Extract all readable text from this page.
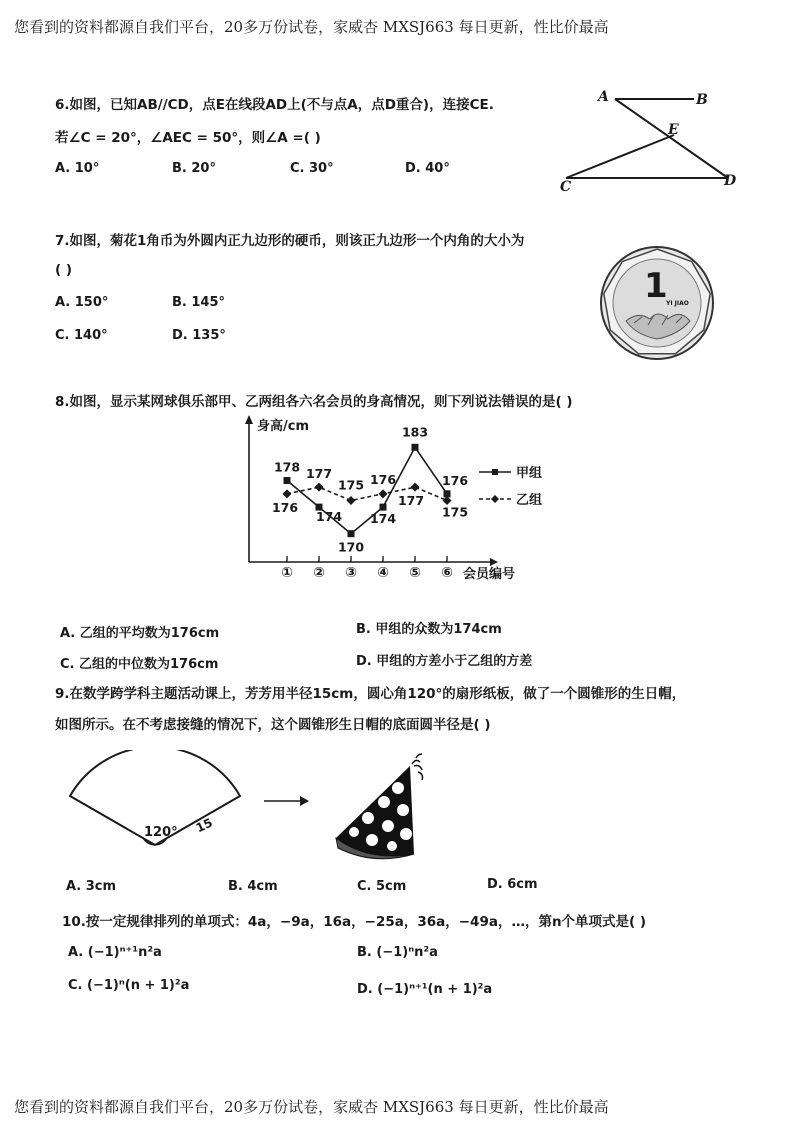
您看到的资料都源自我们平台，20多万份试卷，家威杏 MXSJ663 每日更新，性比价最高
您看到的资料都源自我们平台，20多万份试卷，家威杏 MXSJ663 每日更新，性比价最高
6.如图，已知AB//CD，点E在线段AD上(不与点A，点D重合)，连接CE.
若∠C = 20°，∠AEC = 50°，则∠A =( )
A. 10°	B. 20°	C. 30°	D. 40°
A	B
E
C	D
7.如图，菊花1角币为外圆内正九边形的硬币，则该正九边形一个内角的大小为
( )
A. 150°	B. 145°
C. 140°	D. 135°
1
YI JIAO
8.如图，显示某网球俱乐部甲、乙两组各六名会员的身高情况，则下列说法错误的是( )
身高/cm
会员编号
① ② ③ ④ ⑤ ⑥
178
174
170
174
183
176
176
177
175 176
177
175
甲组
乙组
A. 乙组的平均数为176cm	B. 甲组的众数为174cm
C. 乙组的中位数为176cm	D. 甲组的方差小于乙组的方差
9.在数学跨学科主题活动课上，芳芳用半径15cm，圆心角120°的扇形纸板，做了一个圆锥形的生日帽，
如图所示。在不考虑接缝的情况下，这个圆锥形生日帽的底面圆半径是( )
120° 15
A. 3cm	B. 4cm	C. 5cm	D. 6cm
10.按一定规律排列的单项式：4a，−9a，16a，−25a，36a，−49a，…，第n个单项式是( )
A. (−1)ⁿ⁺¹n²a	B. (−1)ⁿn²a
C. (−1)ⁿ(n + 1)²a	D. (−1)ⁿ⁺¹(n + 1)²a
